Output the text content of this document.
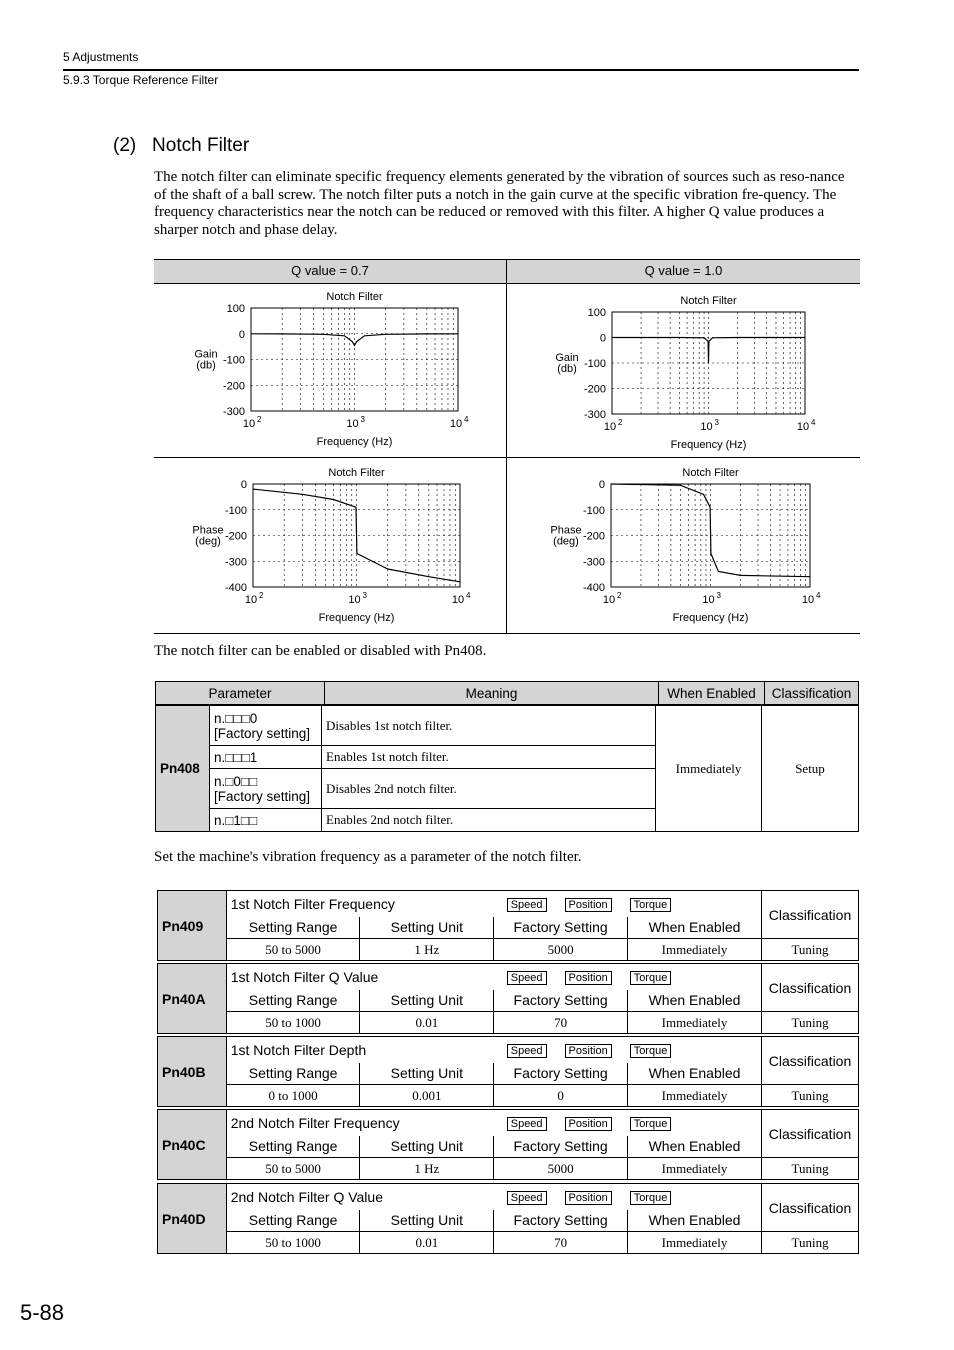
5 Adjustments
5.9.3 Torque Reference Filter
(2)   Notch Filter
The notch filter can eliminate specific frequency elements generated by the vibration of sources such as reso-nance of the shaft of a ball screw. The notch filter puts a notch in the gain curve at the specific vibration fre-quency. The frequency characteristics near the notch can be reduced or removed with this filter. A higher Q value produces a sharper notch and phase delay.
Q value = 0.7	Q value = 1.0
Notch Filter
100
0
-100
-200
-300
Gain
(db)
10 2	10 3	10 4
Frequency (Hz)
Notch Filter
100
0
-100
-200
-300
Gain
(db)
10 2	10 3	10 4
Frequency (Hz)
Notch Filter
0
-100
-200
-300
-400
Phase
(deg)
10 2	10 3	10 4
Frequency (Hz)
Notch Filter
0
-100
-200
-300
-400
Phase
(deg)
10 2	10 3	10 4
Frequency (Hz)
The notch filter can be enabled or disabled with Pn408.
Parameter	Meaning	When Enabled	Classification
Pn408	n.□□□0
[Factory setting]	Disables 1st notch filter.	Immediately	Setup
	n.□□□1	Enables 1st notch filter.		
	n.□0□□
[Factory setting]	Disables 2nd notch filter.		
	n.□1□□	Enables 2nd notch filter.		
Set the machine's vibration frequency as a parameter of the notch filter.
Pn409	1st Notch Filter Frequency Speed Position Torque				Classification
	Setting Range	Setting Unit	Factory Setting	When Enabled	
	50 to 5000	1 Hz	5000	Immediately	Tuning
Pn40A	1st Notch Filter Q Value Speed Position Torque				Classification
	Setting Range	Setting Unit	Factory Setting	When Enabled	
	50 to 1000	0.01	70	Immediately	Tuning
Pn40B	1st Notch Filter Depth Speed Position Torque				Classification
	Setting Range	Setting Unit	Factory Setting	When Enabled	
	0 to 1000	0.001	0	Immediately	Tuning
Pn40C	2nd Notch Filter Frequency Speed Position Torque				Classification
	Setting Range	Setting Unit	Factory Setting	When Enabled	
	50 to 5000	1 Hz	5000	Immediately	Tuning
Pn40D	2nd Notch Filter Q Value Speed Position Torque				Classification
	Setting Range	Setting Unit	Factory Setting	When Enabled	
	50 to 1000	0.01	70	Immediately	Tuning
5-88
